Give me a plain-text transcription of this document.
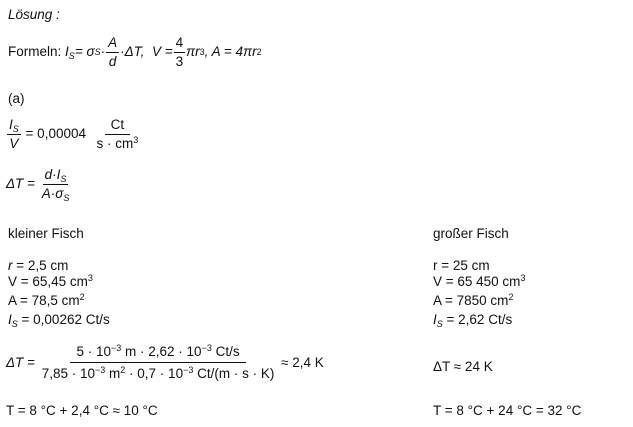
Lösung :
Formeln:
$I_S = \sigma$ $S \cdot \frac{A}{d} \cdot\Delta T$,
$V = \frac{4}{3}$ πr 3 , A = 4πr 2
(a)
$\frac{I_S}{V}$
= 0,00004
$\frac{Ct}{s \cdot cm^3}$
ΔT =
$\frac{d\cdot I_S}{A\cdot\sigma_S}$
kleiner Fisch
r = 2,5 cm
V = 65,45 $cm^3$
A = 78,5 $cm^2$
$I_S = 0,00262$ Ct/s
ΔT =
$\frac{5 \cdot 10^{-3} m \cdot 2,62 \cdot 10^{-3} Ct/s}{7,85 \cdot 10^{-3} m^2 \cdot 0,7 \cdot 10^{-3} Ct/(m \cdot s \cdot K)}$
≈ 2,4 K
T = 8 °C + 2,4 °C ≈ 10 °C
großer Fisch
r = 25 cm
V = 65 450 $cm^3$
A = 7850 $cm^2$
$I_S = 2,62$ Ct/s
ΔT ≈ 24 K
T = 8 °C + 24 °C = 32 °C
